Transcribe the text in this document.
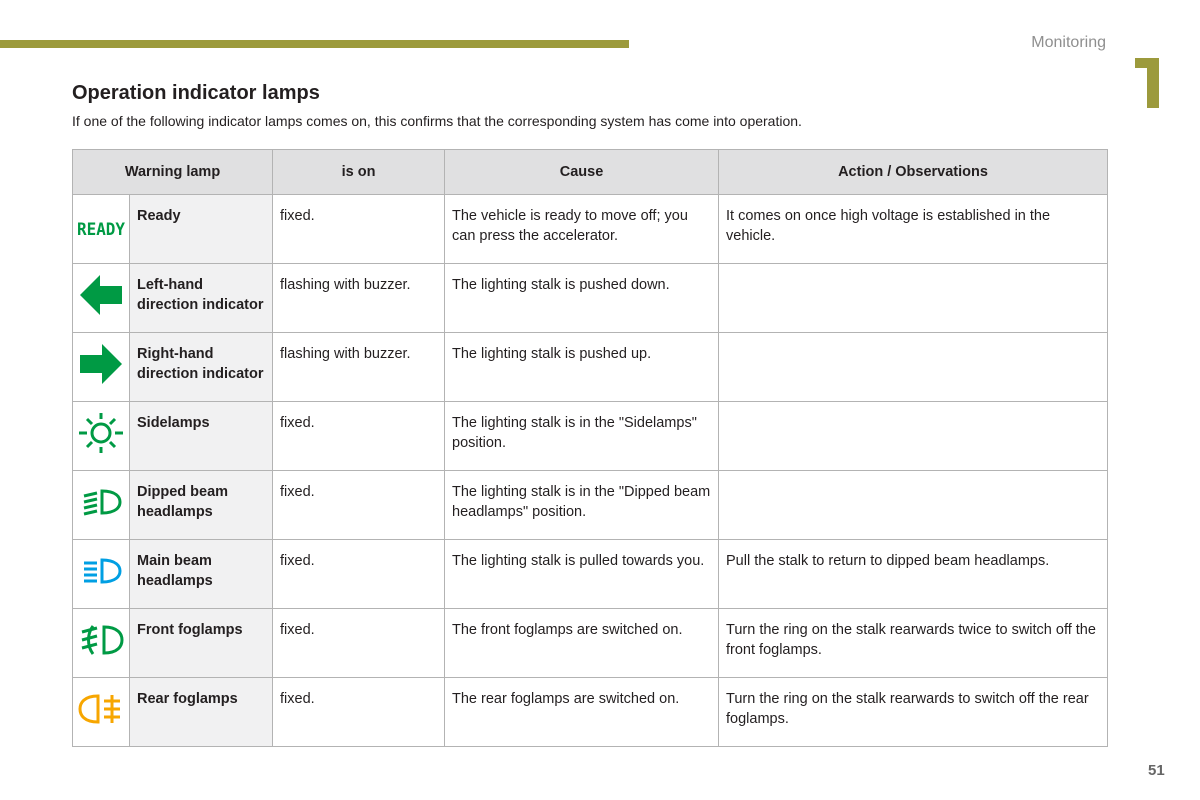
Monitoring
Operation indicator lamps

If one of the following indicator lamps comes on, this confirms that the corresponding system has come into operation.

Warning lamp		is on	Cause	Action / Observations

READY	Ready	fixed.	The vehicle is ready to move off; you can press the accelerator.	It comes on once high voltage is established in the vehicle.
	Left-hand direction indicator	flashing with buzzer.	The lighting stalk is pushed down.	
	Right-hand direction indicator	flashing with buzzer.	The lighting stalk is pushed up.	
	Sidelamps	fixed.	The lighting stalk is in the "Sidelamps" position.	
	Dipped beam headlamps	fixed.	The lighting stalk is in the "Dipped beam headlamps" position.	
	Main beam headlamps	fixed.	The lighting stalk is pulled towards you.	Pull the stalk to return to dipped beam headlamps.
	Front foglamps	fixed.	The front foglamps are switched on.	Turn the ring on the stalk rearwards twice to switch off the front foglamps.
	Rear foglamps	fixed.	The rear foglamps are switched on.	Turn the ring on the stalk rearwards to switch off the rear foglamps.
51
